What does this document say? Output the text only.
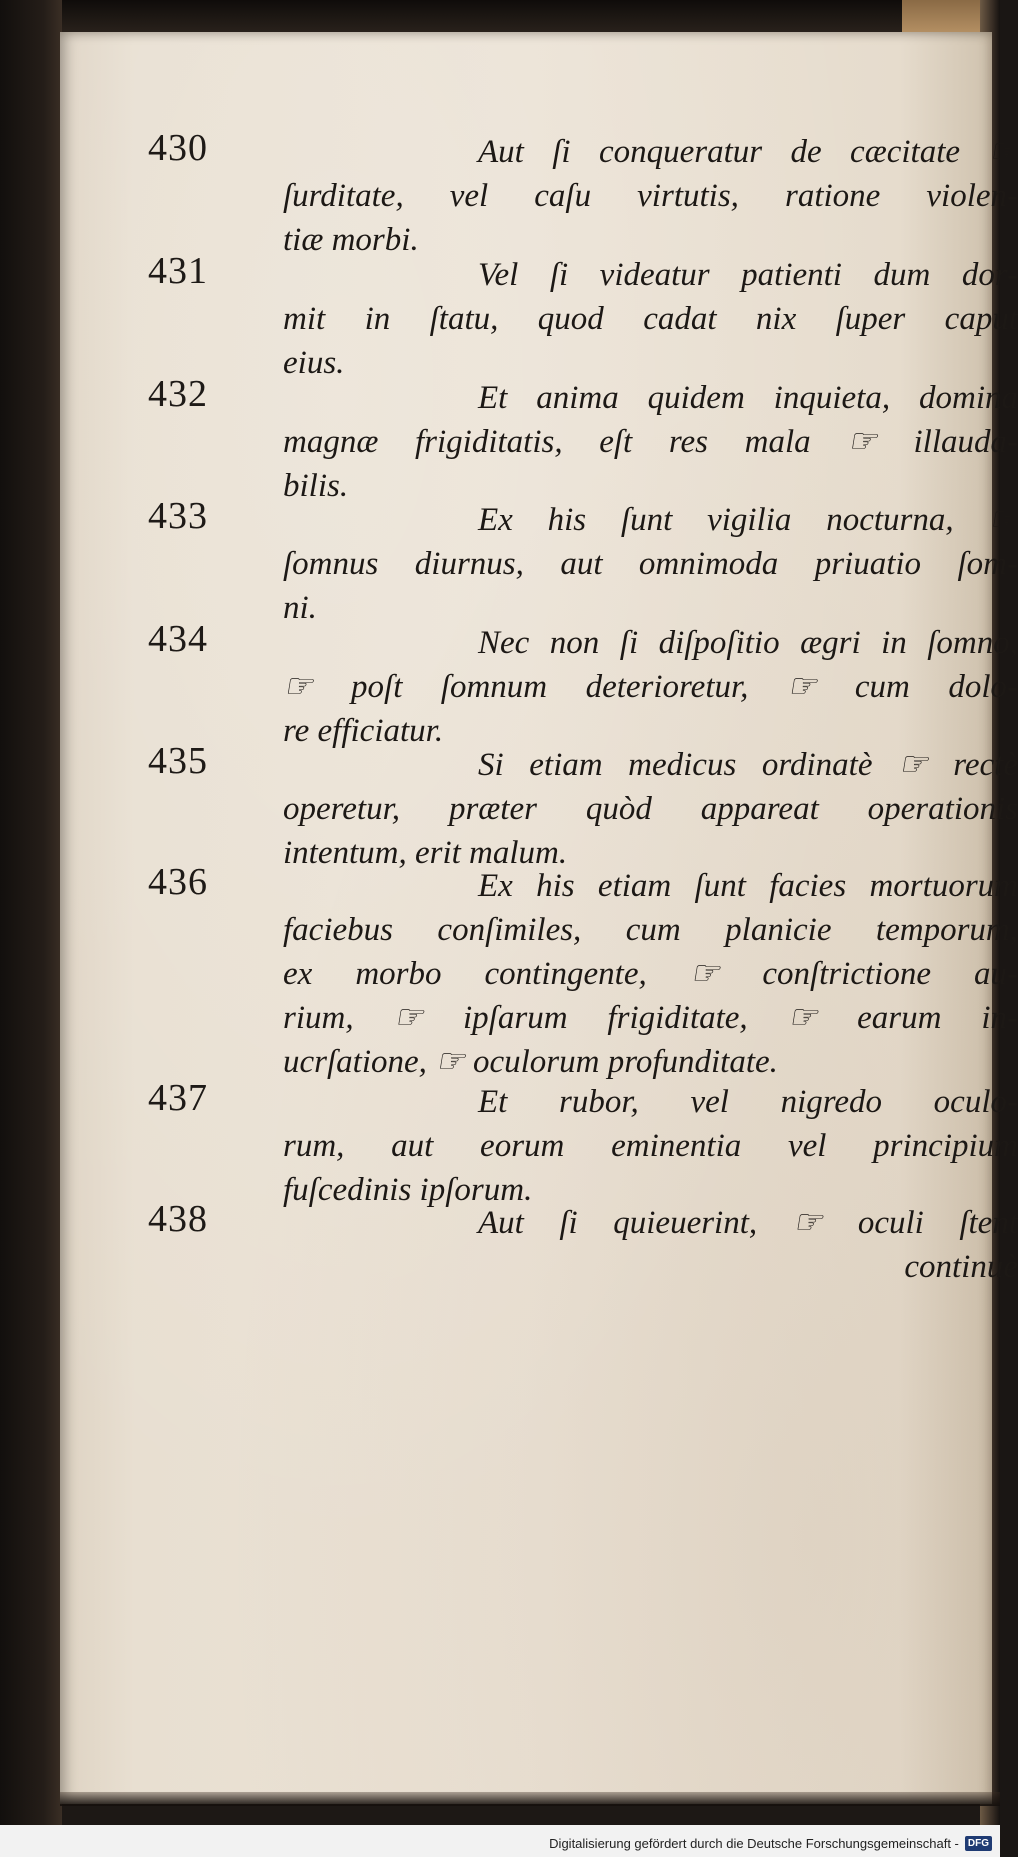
430	Aut ſi conqueratur de cæcitate ☞
ſurditate, vel caſu virtutis, ratione violen-
tiæ morbi.
431	Vel ſi videatur patienti dum dor-
mit in ſtatu, quod cadat nix ſuper caput
eius.
432	Et anima quidem inquieta, domina
magnæ frigiditatis, eſt res mala ☞ illauda-
bilis.
433	Ex his ſunt vigilia nocturna, ☞
ſomnus diurnus, aut omnimoda priuatio ſom-
ni.
434	Nec non ſi diſpoſitio ægri in ſomno,
☞ poſt ſomnum deterioretur, ☞ cum dolo-
re efficiatur.
435	Si etiam medicus ordinatè ☞ rectè
operetur, præter quòd appareat operationis
intentum, erit malum.
436	Ex his etiam ſunt facies mortuorum
faciebus conſimiles, cum planicie temporum,
ex morbo contingente, ☞ conſtrictione au-
rium, ☞ ipſarum frigiditate, ☞ earum in-
ucrſatione, ☞ oculorum profunditate.
437	Et rubor, vel nigredo oculo-
rum, aut eorum eminentia vel principium
fuſcedinis ipſorum.
438	Aut ſi quieuerint, ☞ oculi ſtent
continuè
Digitalisierung gefördert durch die Deutsche Forschungsgemeinschaft - DFG
